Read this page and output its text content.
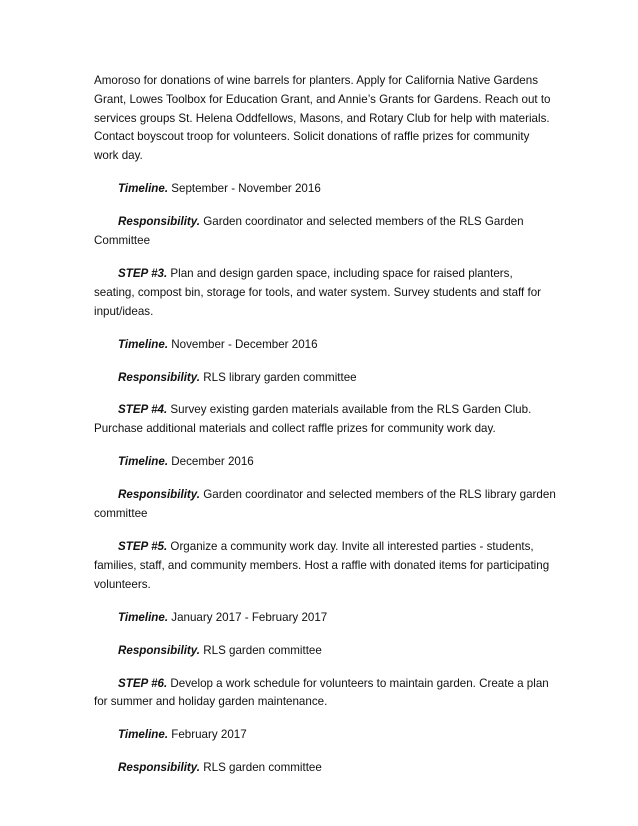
Amoroso for donations of wine barrels for planters. Apply for California Native Gardens Grant, Lowes Toolbox for Education Grant, and Annie’s Grants for Gardens. Reach out to services groups St. Helena Oddfellows, Masons, and Rotary Club for help with materials. Contact boyscout troop for volunteers. Solicit donations of raffle prizes for community work day.

Timeline. September - November 2016

Responsibility. Garden coordinator and selected members of the RLS Garden Committee

STEP #3. Plan and design garden space, including space for raised planters, seating, compost bin, storage for tools, and water system. Survey students and staff for input/ideas.

Timeline. November - December 2016

Responsibility. RLS library garden committee

STEP #4. Survey existing garden materials available from the RLS Garden Club. Purchase additional materials and collect raffle prizes for community work day.

Timeline. December 2016

Responsibility. Garden coordinator and selected members of the RLS library garden committee

STEP #5. Organize a community work day. Invite all interested parties - students, families, staff, and community members. Host a raffle with donated items for participating volunteers.

Timeline. January 2017 - February 2017

Responsibility. RLS garden committee

STEP #6. Develop a work schedule for volunteers to maintain garden. Create a plan for summer and holiday garden maintenance.

Timeline. February 2017

Responsibility. RLS garden committee
